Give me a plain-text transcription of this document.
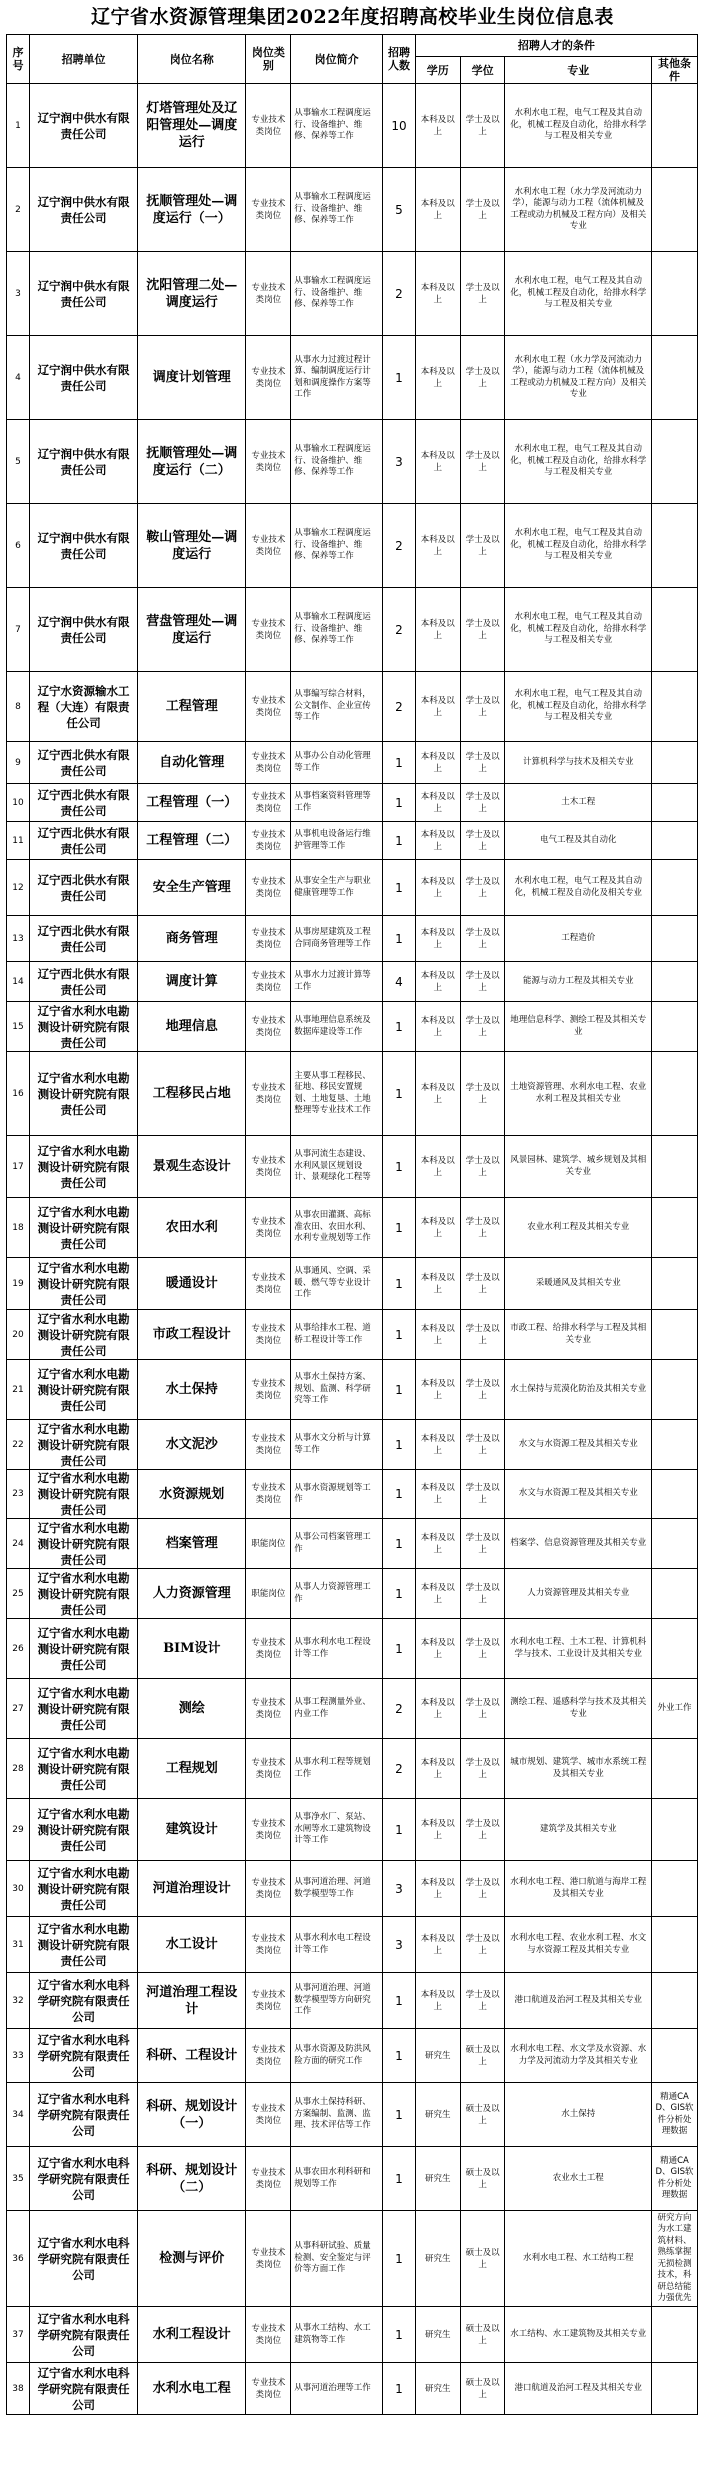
辽宁省水资源管理集团2022年度招聘高校毕业生岗位信息表
序号	招聘单位	岗位名称	岗位类别	岗位简介	招聘人数	招聘人才的条件			
						学历	学位	专业	其他条件
1	辽宁润中供水有限责任公司	灯塔管理处及辽阳管理处—调度运行	专业技术类岗位	从事输水工程调度运行、设备维护、维修、保养等工作	10	本科及以上	学士及以上	水利水电工程，电气工程及其自动化，机械工程及自动化，给排水科学与工程及相关专业	
2	辽宁润中供水有限责任公司	抚顺管理处—调度运行（一）	专业技术类岗位	从事输水工程调度运行、设备维护、维修、保养等工作	5	本科及以上	学士及以上	水利水电工程（水力学及河流动力学），能源与动力工程（流体机械及工程或动力机械及工程方向）及相关专业	
3	辽宁润中供水有限责任公司	沈阳管理二处—调度运行	专业技术类岗位	从事输水工程调度运行、设备维护、维修、保养等工作	2	本科及以上	学士及以上	水利水电工程，电气工程及其自动化，机械工程及自动化，给排水科学与工程及相关专业	
4	辽宁润中供水有限责任公司	调度计划管理	专业技术类岗位	从事水力过渡过程计算、编制调度运行计划和调度操作方案等工作	1	本科及以上	学士及以上	水利水电工程（水力学及河流动力学），能源与动力工程（流体机械及工程或动力机械及工程方向）及相关专业	
5	辽宁润中供水有限责任公司	抚顺管理处—调度运行（二）	专业技术类岗位	从事输水工程调度运行、设备维护、维修、保养等工作	3	本科及以上	学士及以上	水利水电工程，电气工程及其自动化，机械工程及自动化，给排水科学与工程及相关专业	
6	辽宁润中供水有限责任公司	鞍山管理处—调度运行	专业技术类岗位	从事输水工程调度运行、设备维护、维修、保养等工作	2	本科及以上	学士及以上	水利水电工程，电气工程及其自动化，机械工程及自动化，给排水科学与工程及相关专业	
7	辽宁润中供水有限责任公司	营盘管理处—调度运行	专业技术类岗位	从事输水工程调度运行、设备维护、维修、保养等工作	2	本科及以上	学士及以上	水利水电工程，电气工程及其自动化，机械工程及自动化，给排水科学与工程及相关专业	
8	辽宁水资源输水工程（大连）有限责任公司	工程管理	专业技术类岗位	从事编写综合材料，公文制作、企业宣传等工作	2	本科及以上	学士及以上	水利水电工程，电气工程及其自动化，机械工程及自动化，给排水科学与工程及相关专业	
9	辽宁西北供水有限责任公司	自动化管理	专业技术类岗位	从事办公自动化管理等工作	1	本科及以上	学士及以上	计算机科学与技术及相关专业	
10	辽宁西北供水有限责任公司	工程管理（一）	专业技术类岗位	从事档案资料管理等工作	1	本科及以上	学士及以上	土木工程	
11	辽宁西北供水有限责任公司	工程管理（二）	专业技术类岗位	从事机电设备运行维护管理等工作	1	本科及以上	学士及以上	电气工程及其自动化	
12	辽宁西北供水有限责任公司	安全生产管理	专业技术类岗位	从事安全生产与职业健康管理等工作	1	本科及以上	学士及以上	水利水电工程，电气工程及其自动化，机械工程及自动化及相关专业	
13	辽宁西北供水有限责任公司	商务管理	专业技术类岗位	从事房屋建筑及工程合同商务管理等工作	1	本科及以上	学士及以上	工程造价	
14	辽宁西北供水有限责任公司	调度计算	专业技术类岗位	从事水力过渡计算等工作	4	本科及以上	学士及以上	能源与动力工程及其相关专业	
15	辽宁省水利水电勘测设计研究院有限责任公司	地理信息	专业技术类岗位	从事地理信息系统及数据库建设等工作	1	本科及以上	学士及以上	地理信息科学、测绘工程及其相关专业	
16	辽宁省水利水电勘测设计研究院有限责任公司	工程移民占地	专业技术类岗位	主要从事工程移民、征地、移民安置规划、土地复垦、土地整理等专业技术工作	1	本科及以上	学士及以上	土地资源管理、水利水电工程、农业水利工程及其相关专业	
17	辽宁省水利水电勘测设计研究院有限责任公司	景观生态设计	专业技术类岗位	从事河流生态建设、水利风景区规划设计、景观绿化工程等	1	本科及以上	学士及以上	风景园林、建筑学、城乡规划及其相关专业	
18	辽宁省水利水电勘测设计研究院有限责任公司	农田水利	专业技术类岗位	从事农田灌溉、高标准农田、农田水利、水利专业规划等工作	1	本科及以上	学士及以上	农业水利工程及其相关专业	
19	辽宁省水利水电勘测设计研究院有限责任公司	暖通设计	专业技术类岗位	从事通风、空调、采暖、燃气等专业设计工作	1	本科及以上	学士及以上	采暖通风及其相关专业	
20	辽宁省水利水电勘测设计研究院有限责任公司	市政工程设计	专业技术类岗位	从事给排水工程、道桥工程设计等工作	1	本科及以上	学士及以上	市政工程、给排水科学与工程及其相关专业	
21	辽宁省水利水电勘测设计研究院有限责任公司	水土保持	专业技术类岗位	从事水土保持方案、规划、监测、科学研究等工作	1	本科及以上	学士及以上	水土保持与荒漠化防治及其相关专业	
22	辽宁省水利水电勘测设计研究院有限责任公司	水文泥沙	专业技术类岗位	从事水文分析与计算等工作	1	本科及以上	学士及以上	水文与水资源工程及其相关专业	
23	辽宁省水利水电勘测设计研究院有限责任公司	水资源规划	专业技术类岗位	从事水资源规划等工作	1	本科及以上	学士及以上	水文与水资源工程及其相关专业	
24	辽宁省水利水电勘测设计研究院有限责任公司	档案管理	职能岗位	从事公司档案管理工作	1	本科及以上	学士及以上	档案学、信息资源管理及其相关专业	
25	辽宁省水利水电勘测设计研究院有限责任公司	人力资源管理	职能岗位	从事人力资源管理工作	1	本科及以上	学士及以上	人力资源管理及其相关专业	
26	辽宁省水利水电勘测设计研究院有限责任公司	BIM设计	专业技术类岗位	从事水利水电工程设计等工作	1	本科及以上	学士及以上	水利水电工程、土木工程、计算机科学与技术、工业设计及其相关专业	
27	辽宁省水利水电勘测设计研究院有限责任公司	测绘	专业技术类岗位	从事工程测量外业、内业工作	2	本科及以上	学士及以上	测绘工程、遥感科学与技术及其相关专业	外业工作
28	辽宁省水利水电勘测设计研究院有限责任公司	工程规划	专业技术类岗位	从事水利工程等规划工作	2	本科及以上	学士及以上	城市规划、建筑学、城市水系统工程及其相关专业	
29	辽宁省水利水电勘测设计研究院有限责任公司	建筑设计	专业技术类岗位	从事净水厂、泵站、水闸等水工建筑物设计等工作	1	本科及以上	学士及以上	建筑学及其相关专业	
30	辽宁省水利水电勘测设计研究院有限责任公司	河道治理设计	专业技术类岗位	从事河道治理、河道数学模型等工作	3	本科及以上	学士及以上	水利水电工程、港口航道与海岸工程及其相关专业	
31	辽宁省水利水电勘测设计研究院有限责任公司	水工设计	专业技术类岗位	从事水利水电工程设计等工作	3	本科及以上	学士及以上	水利水电工程、农业水利工程、水文与水资源工程及其相关专业	
32	辽宁省水利水电科学研究院有限责任公司	河道治理工程设计	专业技术类岗位	从事河道治理、河道数学模型等方向研究工作	1	本科及以上	学士及以上	港口航道及治河工程及其相关专业	
33	辽宁省水利水电科学研究院有限责任公司	科研、工程设计	专业技术类岗位	从事水资源及防洪风险方面的研究工作	1	研究生	硕士及以上	水利水电工程、水文学及水资源、水力学及河流动力学及其相关专业	
34	辽宁省水利水电科学研究院有限责任公司	科研、规划设计（一）	专业技术类岗位	从事水土保持科研、方案编制、监测、监理、技术评估等工作	1	研究生	硕士及以上	水土保持	精通CAD、GIS软件分析处理数据
35	辽宁省水利水电科学研究院有限责任公司	科研、规划设计（二）	专业技术类岗位	从事农田水利科研和规划等工作	1	研究生	硕士及以上	农业水土工程	精通CAD、GIS软件分析处理数据
36	辽宁省水利水电科学研究院有限责任公司	检测与评价	专业技术类岗位	从事科研试验、质量检测、安全鉴定与评价等方面工作	1	研究生	硕士及以上	水利水电工程、水工结构工程	研究方向为水工建筑材料、熟练掌握无损检测技术，科研总结能力强优先
37	辽宁省水利水电科学研究院有限责任公司	水利工程设计	专业技术类岗位	从事水工结构、水工建筑物等工作	1	研究生	硕士及以上	水工结构、水工建筑物及其相关专业	
38	辽宁省水利水电科学研究院有限责任公司	水利水电工程	专业技术类岗位	从事河道治理等工作	1	研究生	硕士及以上	港口航道及治河工程及其相关专业	
